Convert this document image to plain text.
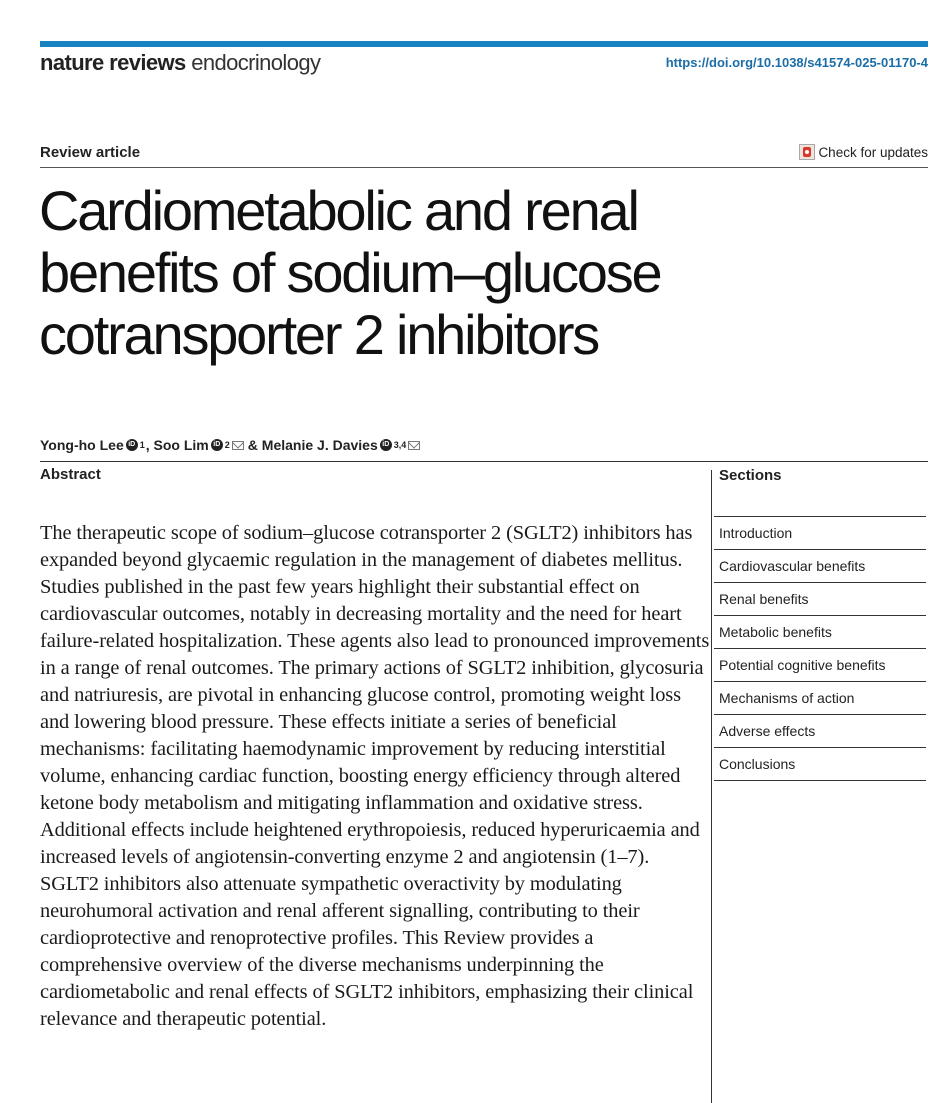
nature reviews endocrinology	https://doi.org/10.1038/s41574-025-01170-4
Review article	Check for updates
Cardiometabolic and renal benefits of sodium–glucose cotransporter 2 inhibitors
Yong-ho Lee iD 1 ,
Soo Lim iD 2 &
Melanie J. Davies iD 3,4
Abstract

The therapeutic scope of sodium–glucose cotransporter 2 (SGLT2) inhibitors has expanded beyond glycaemic regulation in the management of diabetes mellitus. Studies published in the past few years highlight their substantial effect on cardiovascular outcomes, notably in decreasing mortality and the need for heart failure-related hospitalization. These agents also lead to pronounced improvements in a range of renal outcomes. The primary actions of SGLT2 inhibition, glycosuria and natriuresis, are pivotal in enhancing glucose control, promoting weight loss and lowering blood pressure. These effects initiate a series of beneficial mechanisms: facilitating haemodynamic improvement by reducing interstitial volume, enhancing cardiac function, boosting energy efficiency through altered ketone body metabolism and mitigating inflammation and oxidative stress. Additional effects include heightened erythropoiesis, reduced hyperuricaemia and increased levels of angiotensin-converting enzyme 2 and angiotensin (1–7). SGLT2 inhibitors also attenuate sympathetic overactivity by modulating neurohumoral activation and renal afferent signalling, contributing to their cardioprotective and renoprotective profiles. This Review provides a comprehensive overview of the diverse mechanisms underpinning the cardiometabolic and renal effects of SGLT2 inhibitors, emphasizing their clinical relevance and therapeutic potential.

Sections
Introduction
Cardiovascular benefits
Renal benefits
Metabolic benefits
Potential cognitive benefits
Mechanisms of action
Adverse effects
Conclusions
